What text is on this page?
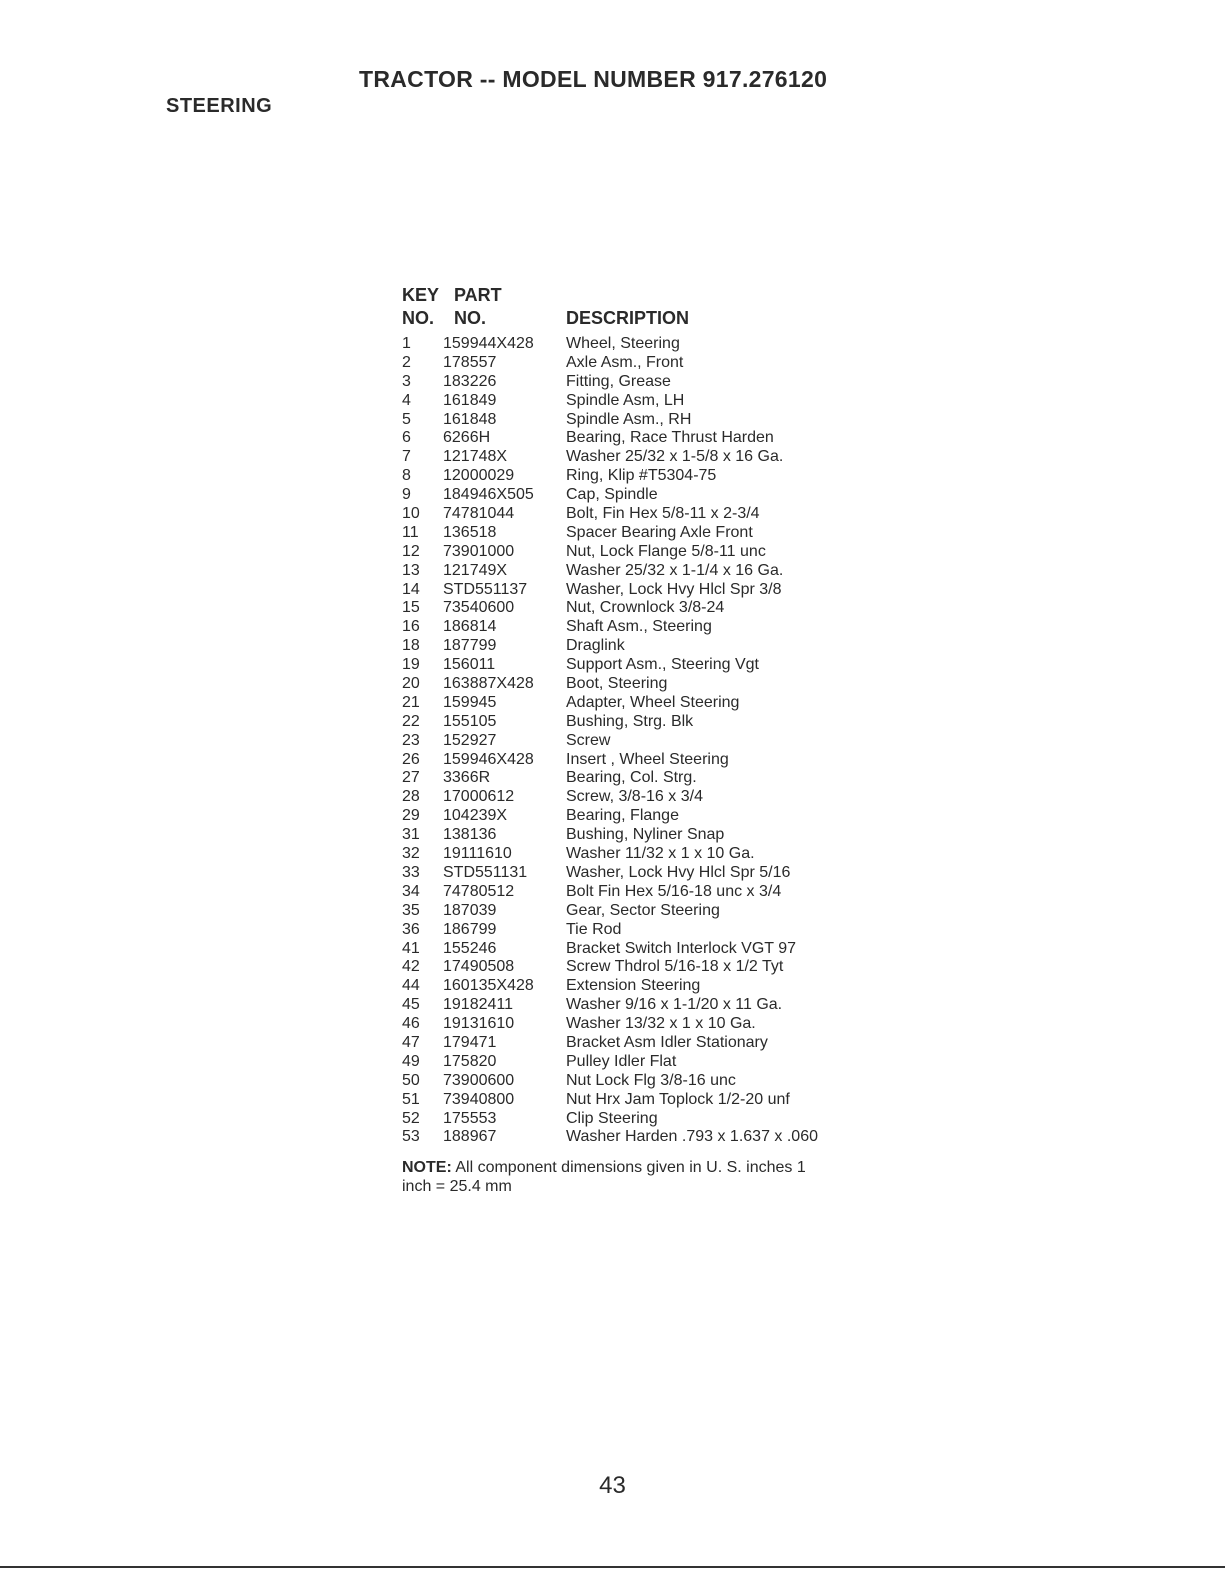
TRACTOR -- MODEL NUMBER 917.276120
STEERING
KEY PART
NO. NO.	DESCRIPTION
1 159944X428 Wheel, Steering
2 178557	Axle Asm., Front
3 183226	Fitting, Grease
4 161849	Spindle Asm, LH
5 161848	Spindle Asm., RH
6 6266H	Bearing, Race Thrust Harden
7 121748X	Washer 25/32 x 1-5/8 x 16 Ga.
8 12000029	Ring, Klip #T5304-75
9 184946X505 Cap, Spindle
10 74781044	Bolt, Fin Hex 5/8-11 x 2-3/4
11 136518	Spacer Bearing Axle Front
12 73901000	Nut, Lock Flange 5/8-11 unc
13 121749X	Washer 25/32 x 1-1/4 x 16 Ga.
14 STD551137 Washer, Lock Hvy Hlcl Spr 3/8
15 73540600	Nut, Crownlock 3/8-24
16 186814	Shaft Asm., Steering
18 187799	Draglink
19 156011	Support Asm., Steering Vgt
20 163887X428 Boot, Steering
21 159945	Adapter, Wheel Steering
22 155105	Bushing, Strg. Blk
23 152927	Screw
26 159946X428 Insert , Wheel Steering
27 3366R	Bearing, Col. Strg.
28 17000612	Screw, 3/8-16 x 3/4
29 104239X	Bearing, Flange
31 138136	Bushing, Nyliner Snap
32 19111610	Washer 11/32 x 1 x 10 Ga.
33 STD551131 Washer, Lock Hvy Hlcl Spr 5/16
34 74780512	Bolt Fin Hex 5/16-18 unc x 3/4
35 187039	Gear, Sector Steering
36 186799	Tie Rod
41 155246	Bracket Switch Interlock VGT 97
42 17490508	Screw Thdrol 5/16-18 x 1/2 Tyt
44 160135X428 Extension Steering
45 19182411	Washer 9/16 x 1-1/20 x 11 Ga.
46 19131610	Washer 13/32 x 1 x 10 Ga.
47 179471	Bracket Asm Idler Stationary
49 175820	Pulley Idler Flat
50 73900600	Nut Lock Flg 3/8-16 unc
51 73940800	Nut Hrx Jam Toplock 1/2-20 unf
52 175553	Clip Steering
53 188967	Washer Harden .793 x 1.637 x .060
NOTE: All component dimensions given in U. S. inches 1 inch = 25.4 mm
43
